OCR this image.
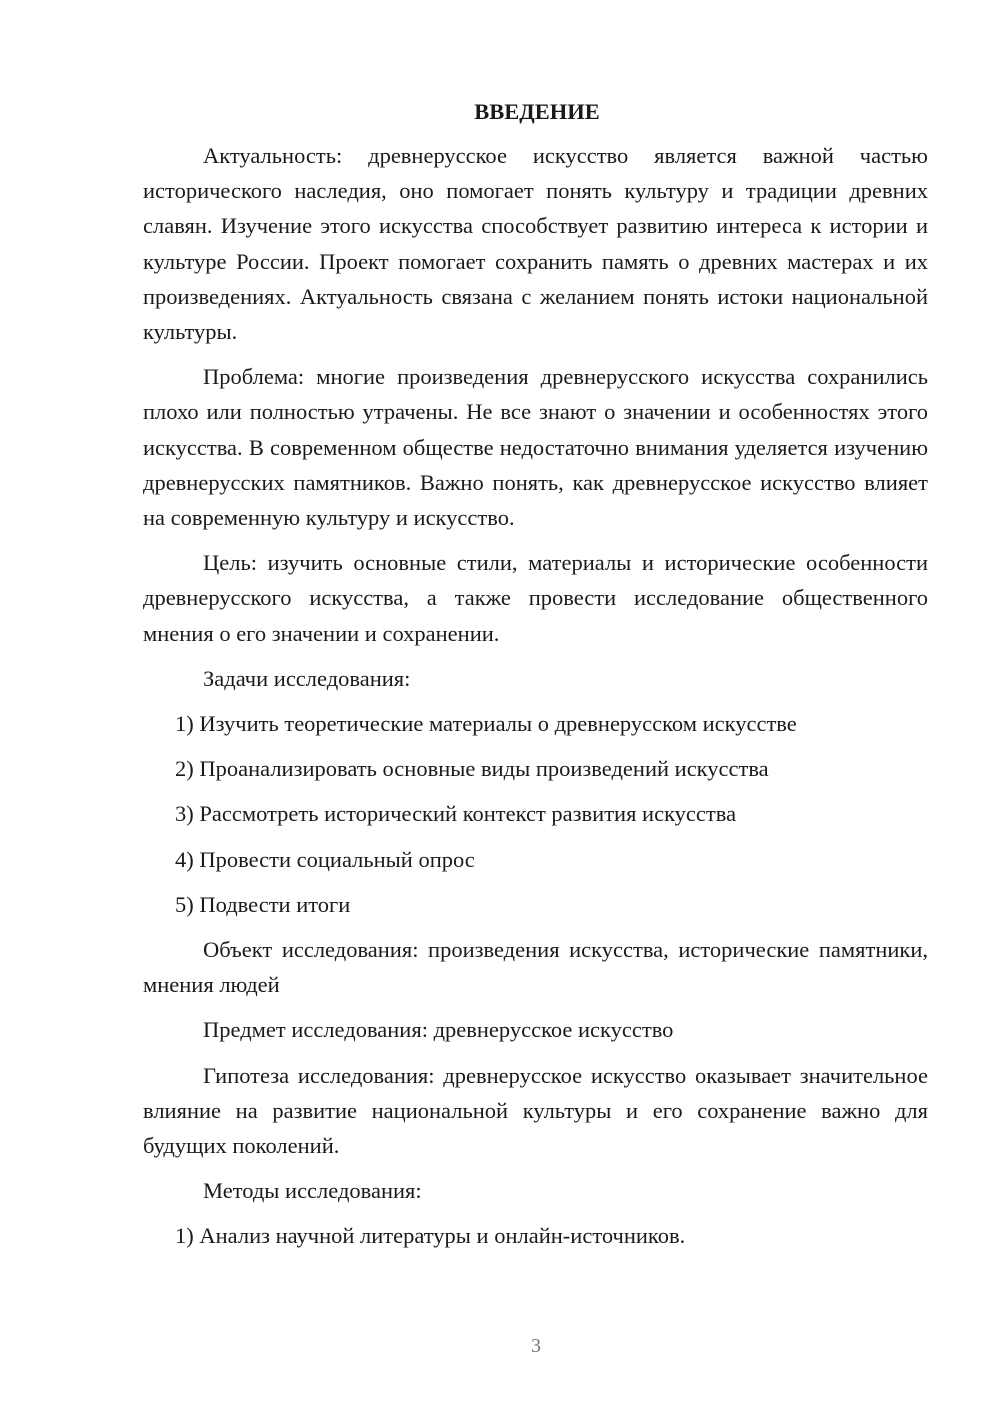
ВВЕДЕНИЕ

Актуальность: древнерусское искусство является важной частью исторического наследия, оно помогает понять культуру и традиции древних славян. Изучение этого искусства способствует развитию интереса к истории и культуре России. Проект помогает сохранить память о древних мастерах и их произведениях. Актуальность связана с желанием понять истоки национальной культуры.

Проблема: многие произведения древнерусского искусства сохранились плохо или полностью утрачены. Не все знают о значении и особенностях этого искусства. В современном обществе недостаточно внимания уделяется изучению древнерусских памятников. Важно понять, как древнерусское искусство влияет на современную культуру и искусство.

Цель: изучить основные стили, материалы и исторические особенности древнерусского искусства, а также провести исследование общественного мнения о его значении и сохранении.

Задачи исследования:

1) Изучить теоретические материалы о древнерусском искусстве

2) Проанализировать основные виды произведений искусства

3) Рассмотреть исторический контекст развития искусства

4) Провести социальный опрос

5) Подвести итоги

Объект исследования: произведения искусства, исторические памятники, мнения людей

Предмет исследования: древнерусское искусство

Гипотеза исследования: древнерусское искусство оказывает значительное влияние на развитие национальной культуры и его сохранение важно для будущих поколений.

Методы исследования:

1) Анализ научной литературы и онлайн-источников.

3
